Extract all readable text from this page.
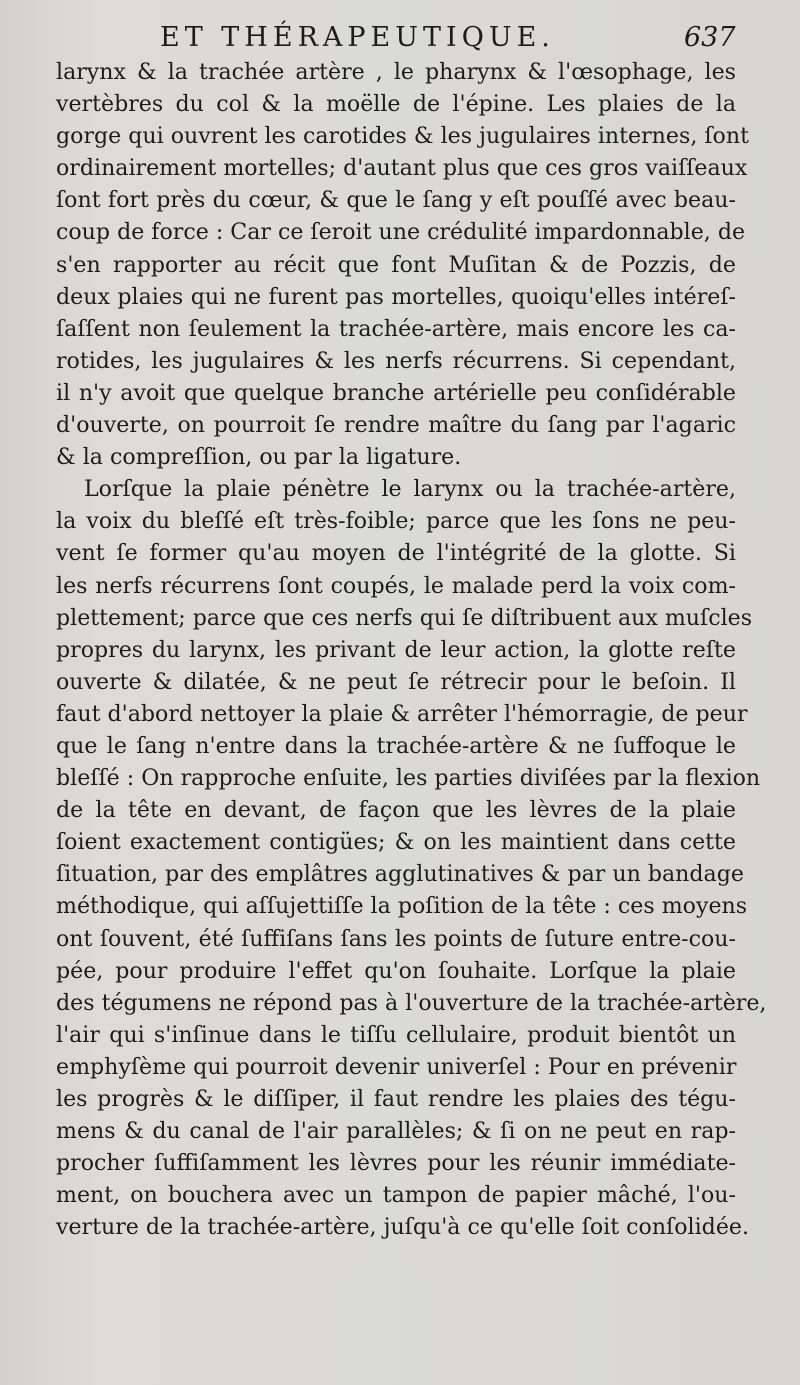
ET THÉRAPEUTIQUE.	637
larynx & la trachée artère , le pharynx & l'œsophage, les
vertèbres du col & la moëlle de l'épine. Les plaies de la
gorge qui ouvrent les carotides & les jugulaires internes, ſont
ordinairement mortelles; d'autant plus que ces gros vaiſſeaux
ſont fort près du cœur, & que le ſang y eſt pouſſé avec beau-
coup de force : Car ce ſeroit une crédulité impardonnable, de
s'en rapporter au récit que font Muſitan & de Pozzis, de
deux plaies qui ne furent pas mortelles, quoiqu'elles intéreſ-
ſaſſent non ſeulement la trachée-artère, mais encore les ca-
rotides, les jugulaires & les nerfs récurrens. Si cependant,
il n'y avoit que quelque branche artérielle peu conſidérable
d'ouverte, on pourroit ſe rendre maître du ſang par l'agaric
& la compreſſion, ou par la ligature.
Lorſque la plaie pénètre le larynx ou la trachée-artère,
la voix du bleſſé eſt très-foible; parce que les ſons ne peu-
vent ſe former qu'au moyen de l'intégrité de la glotte. Si
les nerfs récurrens ſont coupés, le malade perd la voix com-
plettement; parce que ces nerfs qui ſe diſtribuent aux muſcles
propres du larynx, les privant de leur action, la glotte reſte
ouverte & dilatée, & ne peut ſe rétrecir pour le beſoin. Il
faut d'abord nettoyer la plaie & arrêter l'hémorragie, de peur
que le ſang n'entre dans la trachée-artère & ne ſuffoque le
bleſſé : On rapproche enſuite, les parties diviſées par la flexion
de la tête en devant, de façon que les lèvres de la plaie
ſoient exactement contigües; & on les maintient dans cette
ſituation, par des emplâtres agglutinatives & par un bandage
méthodique, qui aſſujettiſſe la poſition de la tête : ces moyens
ont ſouvent, été ſuffiſans ſans les points de ſuture entre-cou-
pée, pour produire l'effet qu'on ſouhaite. Lorſque la plaie
des tégumens ne répond pas à l'ouverture de la trachée-artère,
l'air qui s'inſinue dans le tiſſu cellulaire, produit bientôt un
emphyſème qui pourroit devenir univerſel : Pour en prévenir
les progrès & le diſſiper, il faut rendre les plaies des tégu-
mens & du canal de l'air parallèles; & ſi on ne peut en rap-
procher ſuffiſamment les lèvres pour les réunir immédiate-
ment, on bouchera avec un tampon de papier mâché, l'ou-
verture de la trachée-artère, juſqu'à ce qu'elle ſoit conſolidée.
